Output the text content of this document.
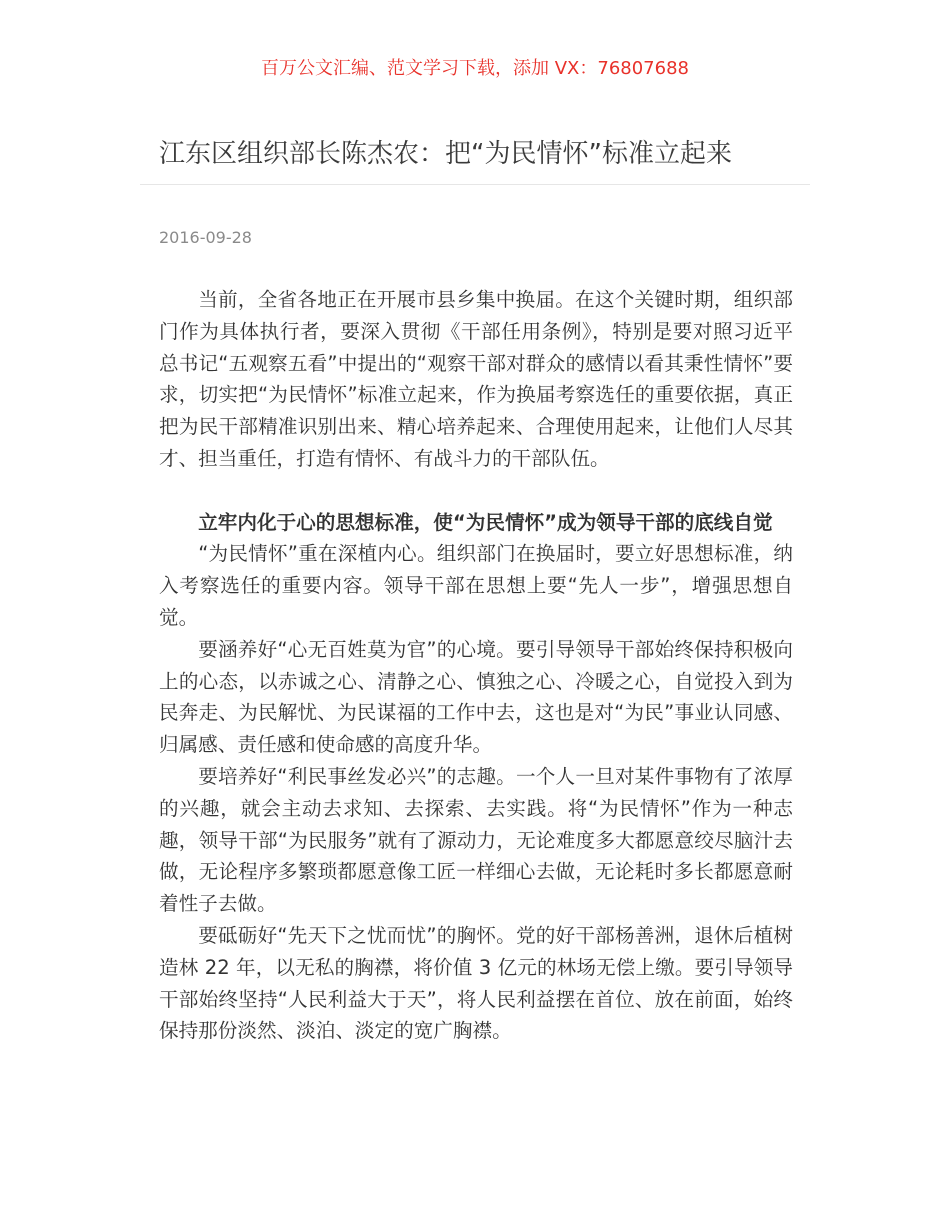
百万公文汇编、范文学习下载，添加 VX：76807688
江东区组织部长陈杰农：把“为民情怀”标准立起来
2016-09-28

当前，全省各地正在开展市县乡集中换届。在这个关键时期，组织部门作为具体执行者，要深入贯彻《干部任用条例》，特别是要对照习近平总书记“五观察五看”中提出的“观察干部对群众的感情以看其秉性情怀”要求，切实把“为民情怀”标准立起来，作为换届考察选任的重要依据，真正把为民干部精准识别出来、精心培养起来、合理使用起来，让他们人尽其才、担当重任，打造有情怀、有战斗力的干部队伍。

立牢内化于心的思想标准，使“为民情怀”成为领导干部的底线自觉

“为民情怀”重在深植内心。组织部门在换届时，要立好思想标准，纳入考察选任的重要内容。领导干部在思想上要“先人一步”，增强思想自觉。

要涵养好“心无百姓莫为官”的心境。要引导领导干部始终保持积极向上的心态，以赤诚之心、清静之心、慎独之心、冷暖之心，自觉投入到为民奔走、为民解忧、为民谋福的工作中去，这也是对“为民”事业认同感、归属感、责任感和使命感的高度升华。

要培养好“利民事丝发必兴”的志趣。一个人一旦对某件事物有了浓厚的兴趣，就会主动去求知、去探索、去实践。将“为民情怀”作为一种志趣，领导干部“为民服务”就有了源动力，无论难度多大都愿意绞尽脑汁去做，无论程序多繁琐都愿意像工匠一样细心去做，无论耗时多长都愿意耐着性子去做。

要砥砺好“先天下之忧而忧”的胸怀。党的好干部杨善洲，退休后植树造林 22 年，以无私的胸襟，将价值 3 亿元的林场无偿上缴。要引导领导干部始终坚持“人民利益大于天”，将人民利益摆在首位、放在前面，始终保持那份淡然、淡泊、淡定的宽广胸襟。
